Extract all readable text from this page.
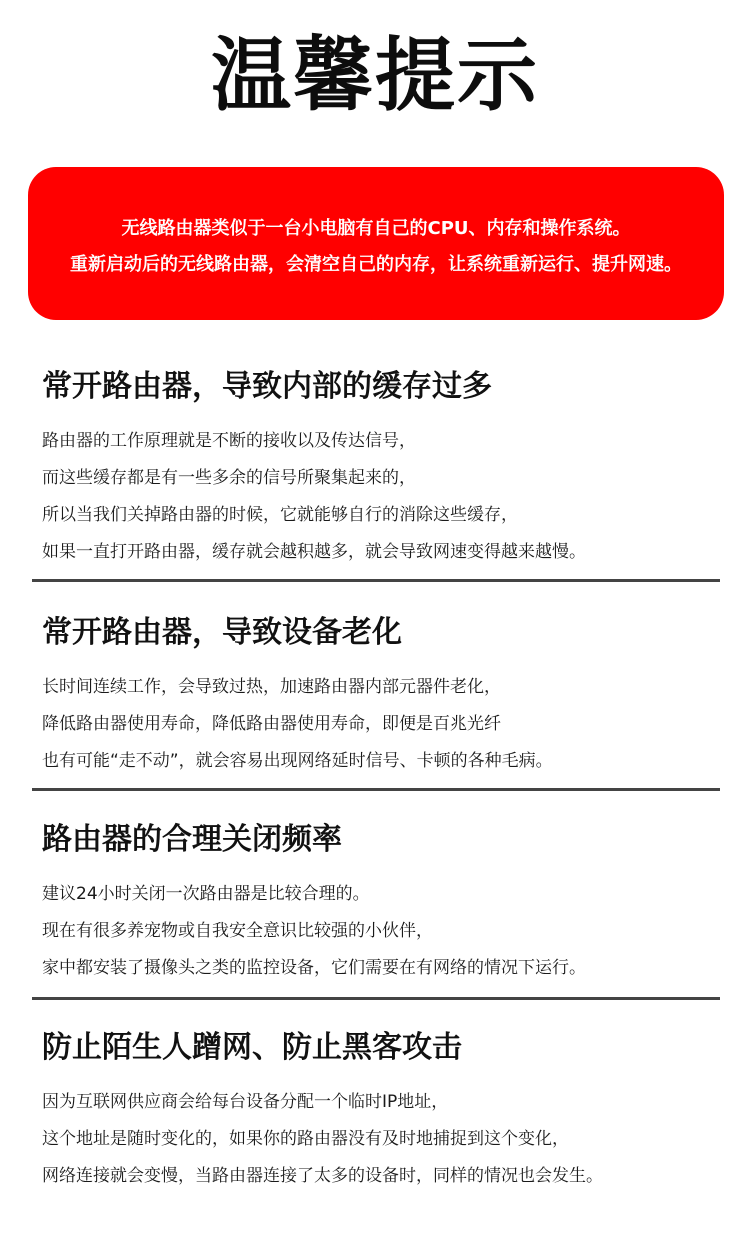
温馨提示
无线路由器类似于一台小电脑有自己的CPU、内存和操作系统。
重新启动后的无线路由器，会清空自己的内存，让系统重新运行、提升网速。
常开路由器，导致内部的缓存过多
路由器的工作原理就是不断的接收以及传达信号，
而这些缓存都是有一些多余的信号所聚集起来的，
所以当我们关掉路由器的时候，它就能够自行的消除这些缓存，
如果一直打开路由器，缓存就会越积越多，就会导致网速变得越来越慢。
常开路由器，导致设备老化
长时间连续工作，会导致过热，加速路由器内部元器件老化，
降低路由器使用寿命，降低路由器使用寿命，即便是百兆光纤
也有可能“走不动”，就会容易出现网络延时信号、卡顿的各种毛病。
路由器的合理关闭频率
建议24小时关闭一次路由器是比较合理的。
现在有很多养宠物或自我安全意识比较强的小伙伴，
家中都安装了摄像头之类的监控设备，它们需要在有网络的情况下运行。
防止陌生人蹭网、防止黑客攻击
因为互联网供应商会给每台设备分配一个临时IP地址，
这个地址是随时变化的，如果你的路由器没有及时地捕捉到这个变化，
网络连接就会变慢，当路由器连接了太多的设备时，同样的情况也会发生。
